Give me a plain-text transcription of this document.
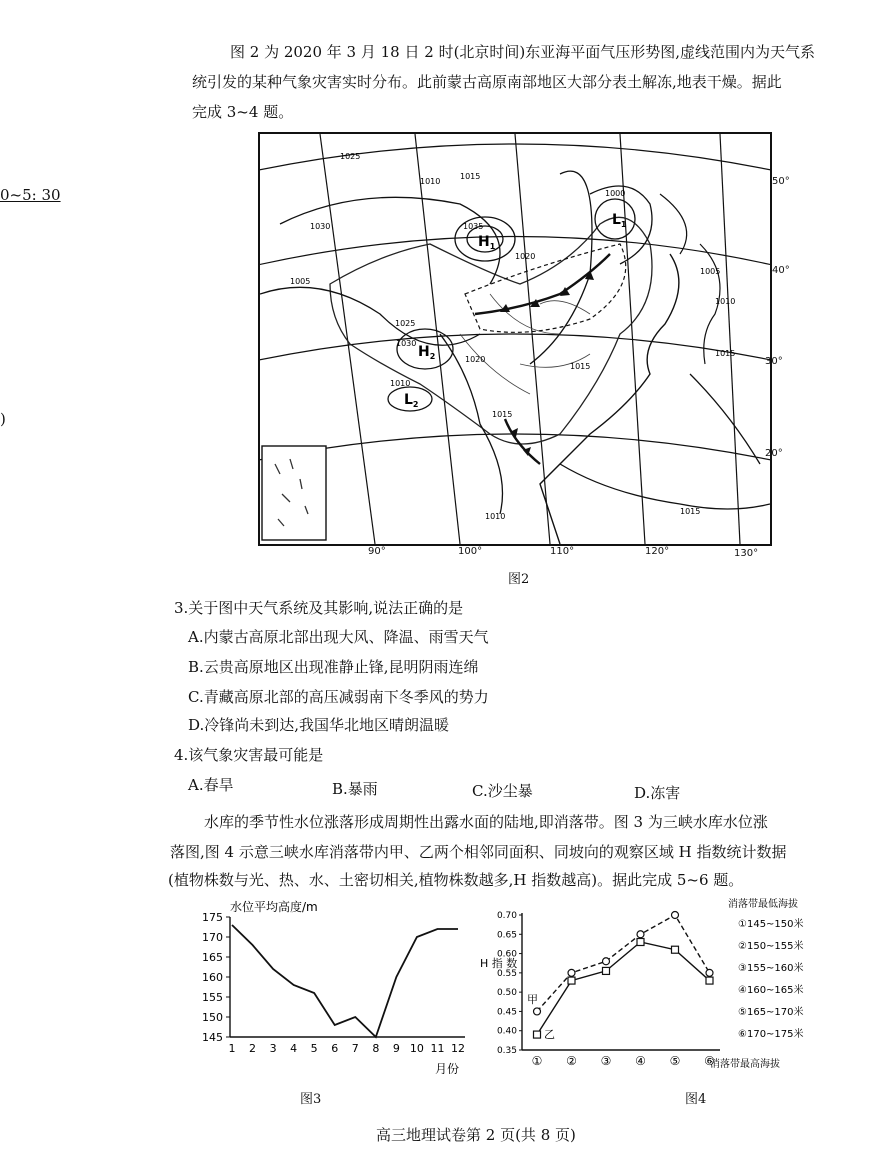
图 2 为 2020 年 3 月 18 日 2 时(北京时间)东亚海平面气压形势图,虚线范围内为天气系
统引发的某种气象灾害实时分布。此前蒙古高原南部地区大部分表土解冻,地表干燥。据此
完成 3~4 题。
0~5: 30
)
1025
1030	1035
1010
1015
1020
1025
1030
1010
1015
1005
1000
1010
1015
1020
1005
1015
1010
1015
$H_1$
$H_2$
$L_1$
$L_2$
50°
40°
30°
20°
90°	100°	110°	120°	130°
图2
3.关于图中天气系统及其影响,说法正确的是
A.内蒙古高原北部出现大风、降温、雨雪天气
B.云贵高原地区出现准静止锋,昆明阴雨连绵
C.青藏高原北部的高压减弱南下冬季风的势力
D.冷锋尚未到达,我国华北地区晴朗温暖
4.该气象灾害最可能是
A.春旱	B.暴雨	C.沙尘暴	D.冻害
水库的季节性水位涨落形成周期性出露水面的陆地,即消落带。图 3 为三峡水库水位涨
落图,图 4 示意三峡水库消落带内甲、乙两个相邻同面积、同坡向的观察区域 H 指数统计数据
(植物株数与光、热、水、土密切相关,植物株数越多,H 指数越高)。据此完成 5~6 题。
水位平均高度/m
145
150
155
160
165
170
175
1 2 3 4 5 6 7 8 9 10 11 12
月份
图3
消落带最低海拔
消落带最高海拔
H 指 数
0.35
0.40
0.45
0.50
0.55
0.60
0.65
0.70
① ② ③ ④ ⑤ ⑥
甲
乙
①145~150米
②150~155米
③155~160米
④160~165米
⑤165~170米
⑥170~175米
图4
高三地理试卷第 2 页(共 8 页)
